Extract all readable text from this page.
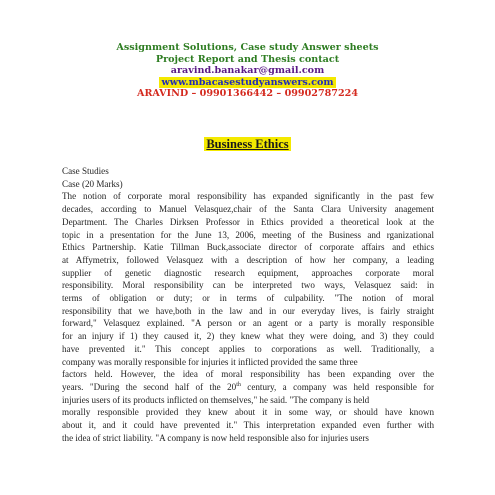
Assignment Solutions, Case study Answer sheets
Project Report and Thesis contact
aravind.banakar@gmail.com
www.mbacasestudyanswers.com
ARAVIND – 09901366442 – 09902787224
Business Ethics
Case Studies
Case (20 Marks)
The notion of corporate moral responsibility has expanded significantly in the past few
decades, according to Manuel Velasquez,chair of the Santa Clara University anagement
Department. The Charles Dirksen Professor in Ethics provided a theoretical look at the
topic in a presentation for the June 13, 2006, meeting of the Business and rganizational
Ethics Partnership. Katie Tillman Buck,associate director of corporate affairs and ethics
at Affymetrix, followed Velasquez with a description of how her company, a leading
supplier of genetic diagnostic research equipment, approaches corporate moral
responsibility. Moral responsibility can be interpreted two ways, Velasquez said: in
terms of obligation or duty; or in terms of culpability. "The notion of moral
responsibility that we have,both in the law and in our everyday lives, is fairly straight
forward," Velasquez explained. "A person or an agent or a party is morally responsible
for an injury if 1) they caused it, 2) they knew what they were doing, and 3) they could
have prevented it." This concept applies to corporations as well. Traditionally, a
company was morally responsible for injuries it inflicted provided the same three
factors held. However, the idea of moral responsibility has been expanding over the
years. "During the second half of the 20th century, a company was held responsible for
injuries users of its products inflicted on themselves," he said. "The company is held
morally responsible provided they knew about it in some way, or should have known
about it, and it could have prevented it." This interpretation expanded even further with
the idea of strict liability. "A company is now held responsible also for injuries users
